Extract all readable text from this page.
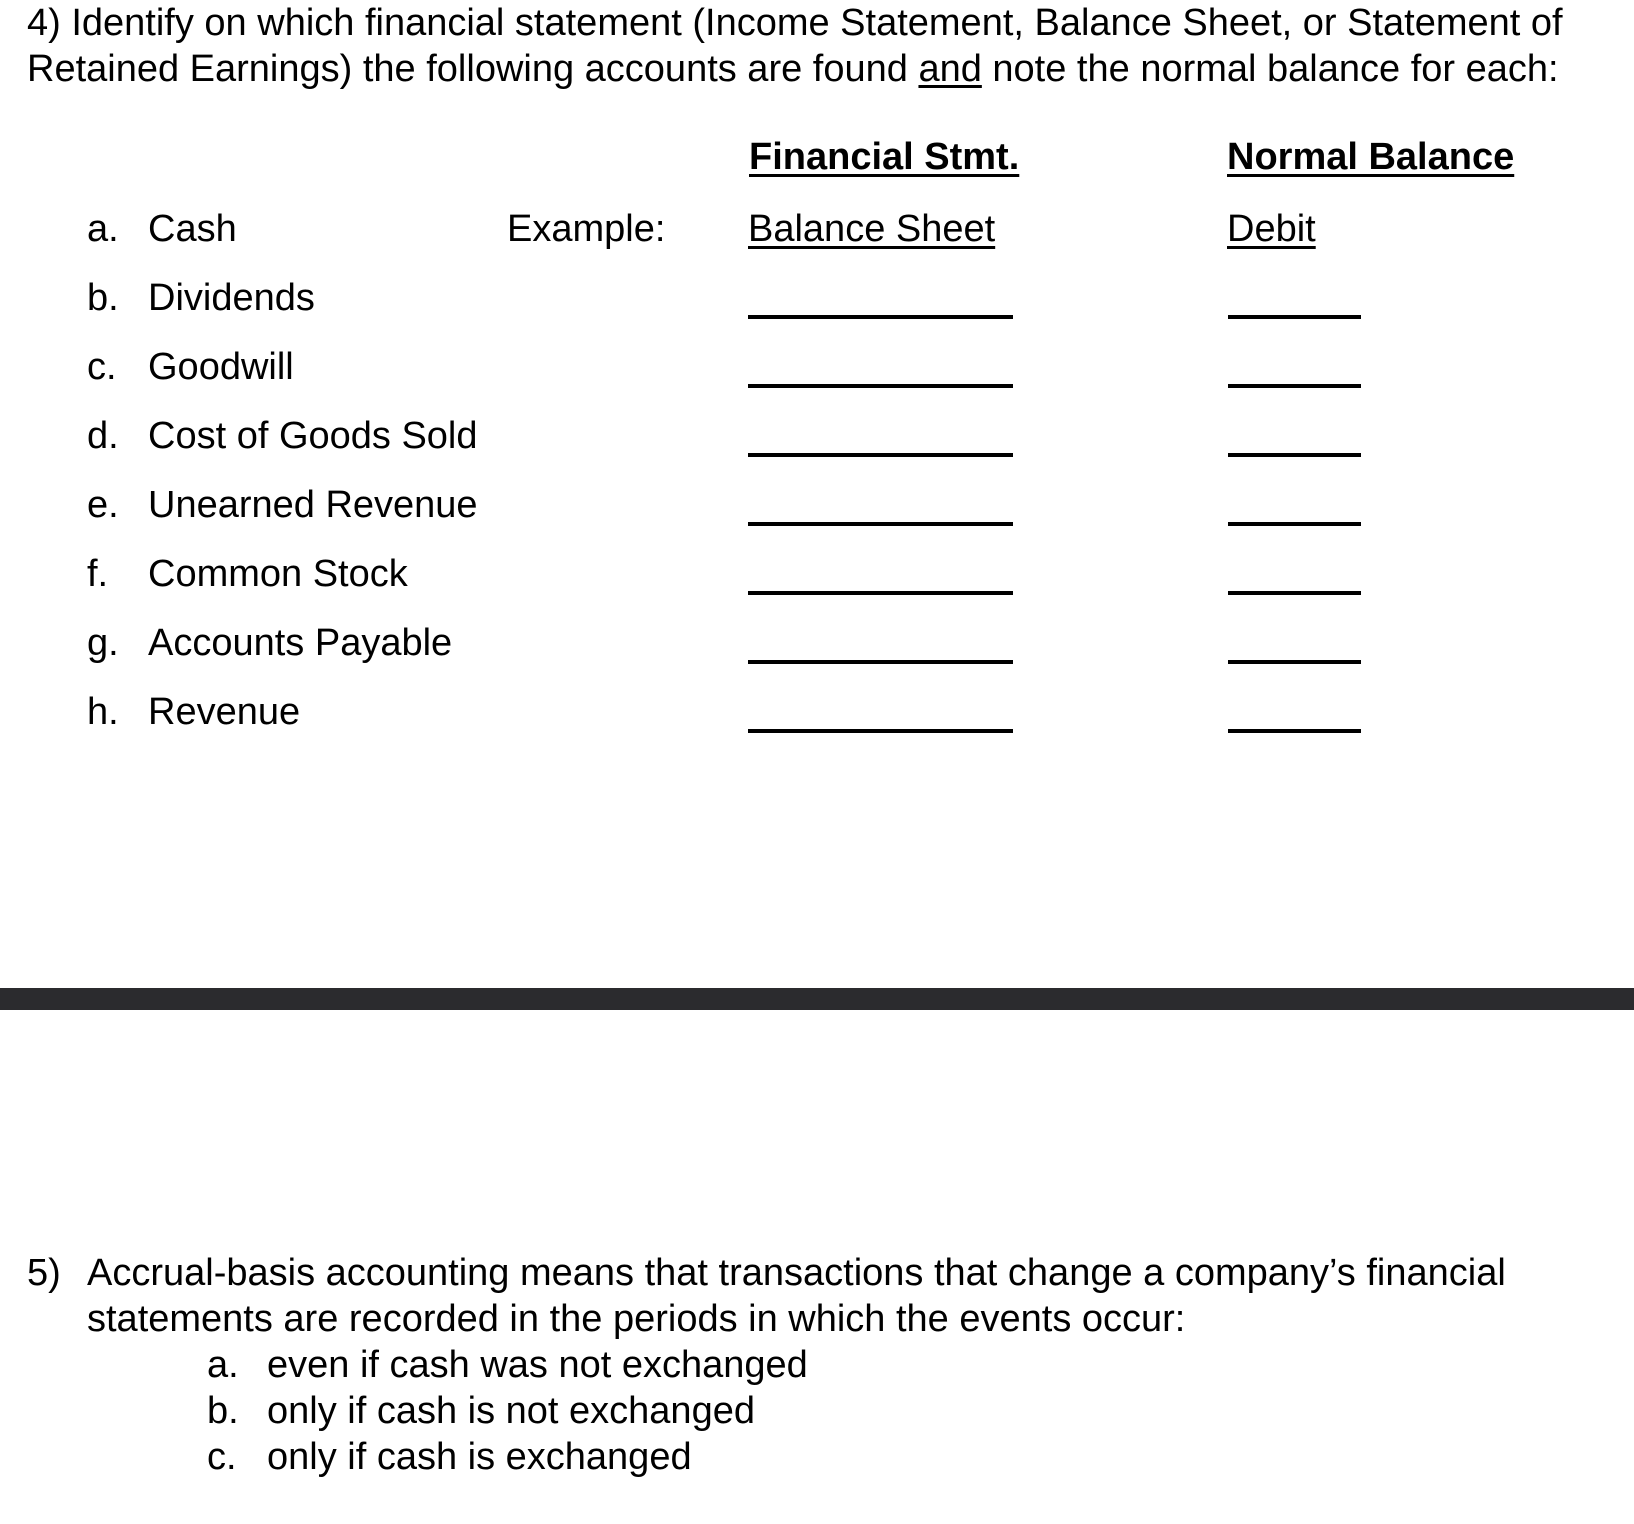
4) Identify on which financial statement (Income Statement, Balance Sheet, or Statement of Retained Earnings) the following accounts are found and note the normal balance for each:

Financial Stmt.	Normal Balance
a. Cash	Example: Balance Sheet	Debit
b. Dividends
c. Goodwill
d. Cost of Goods Sold
e. Unearned Revenue
f. Common Stock
g. Accounts Payable
h. Revenue
5) Accrual-basis accounting means that transactions that change a company’s financial statements are recorded in the periods in which the events occur:
a. even if cash was not exchanged
b. only if cash is not exchanged
c. only if cash is exchanged
